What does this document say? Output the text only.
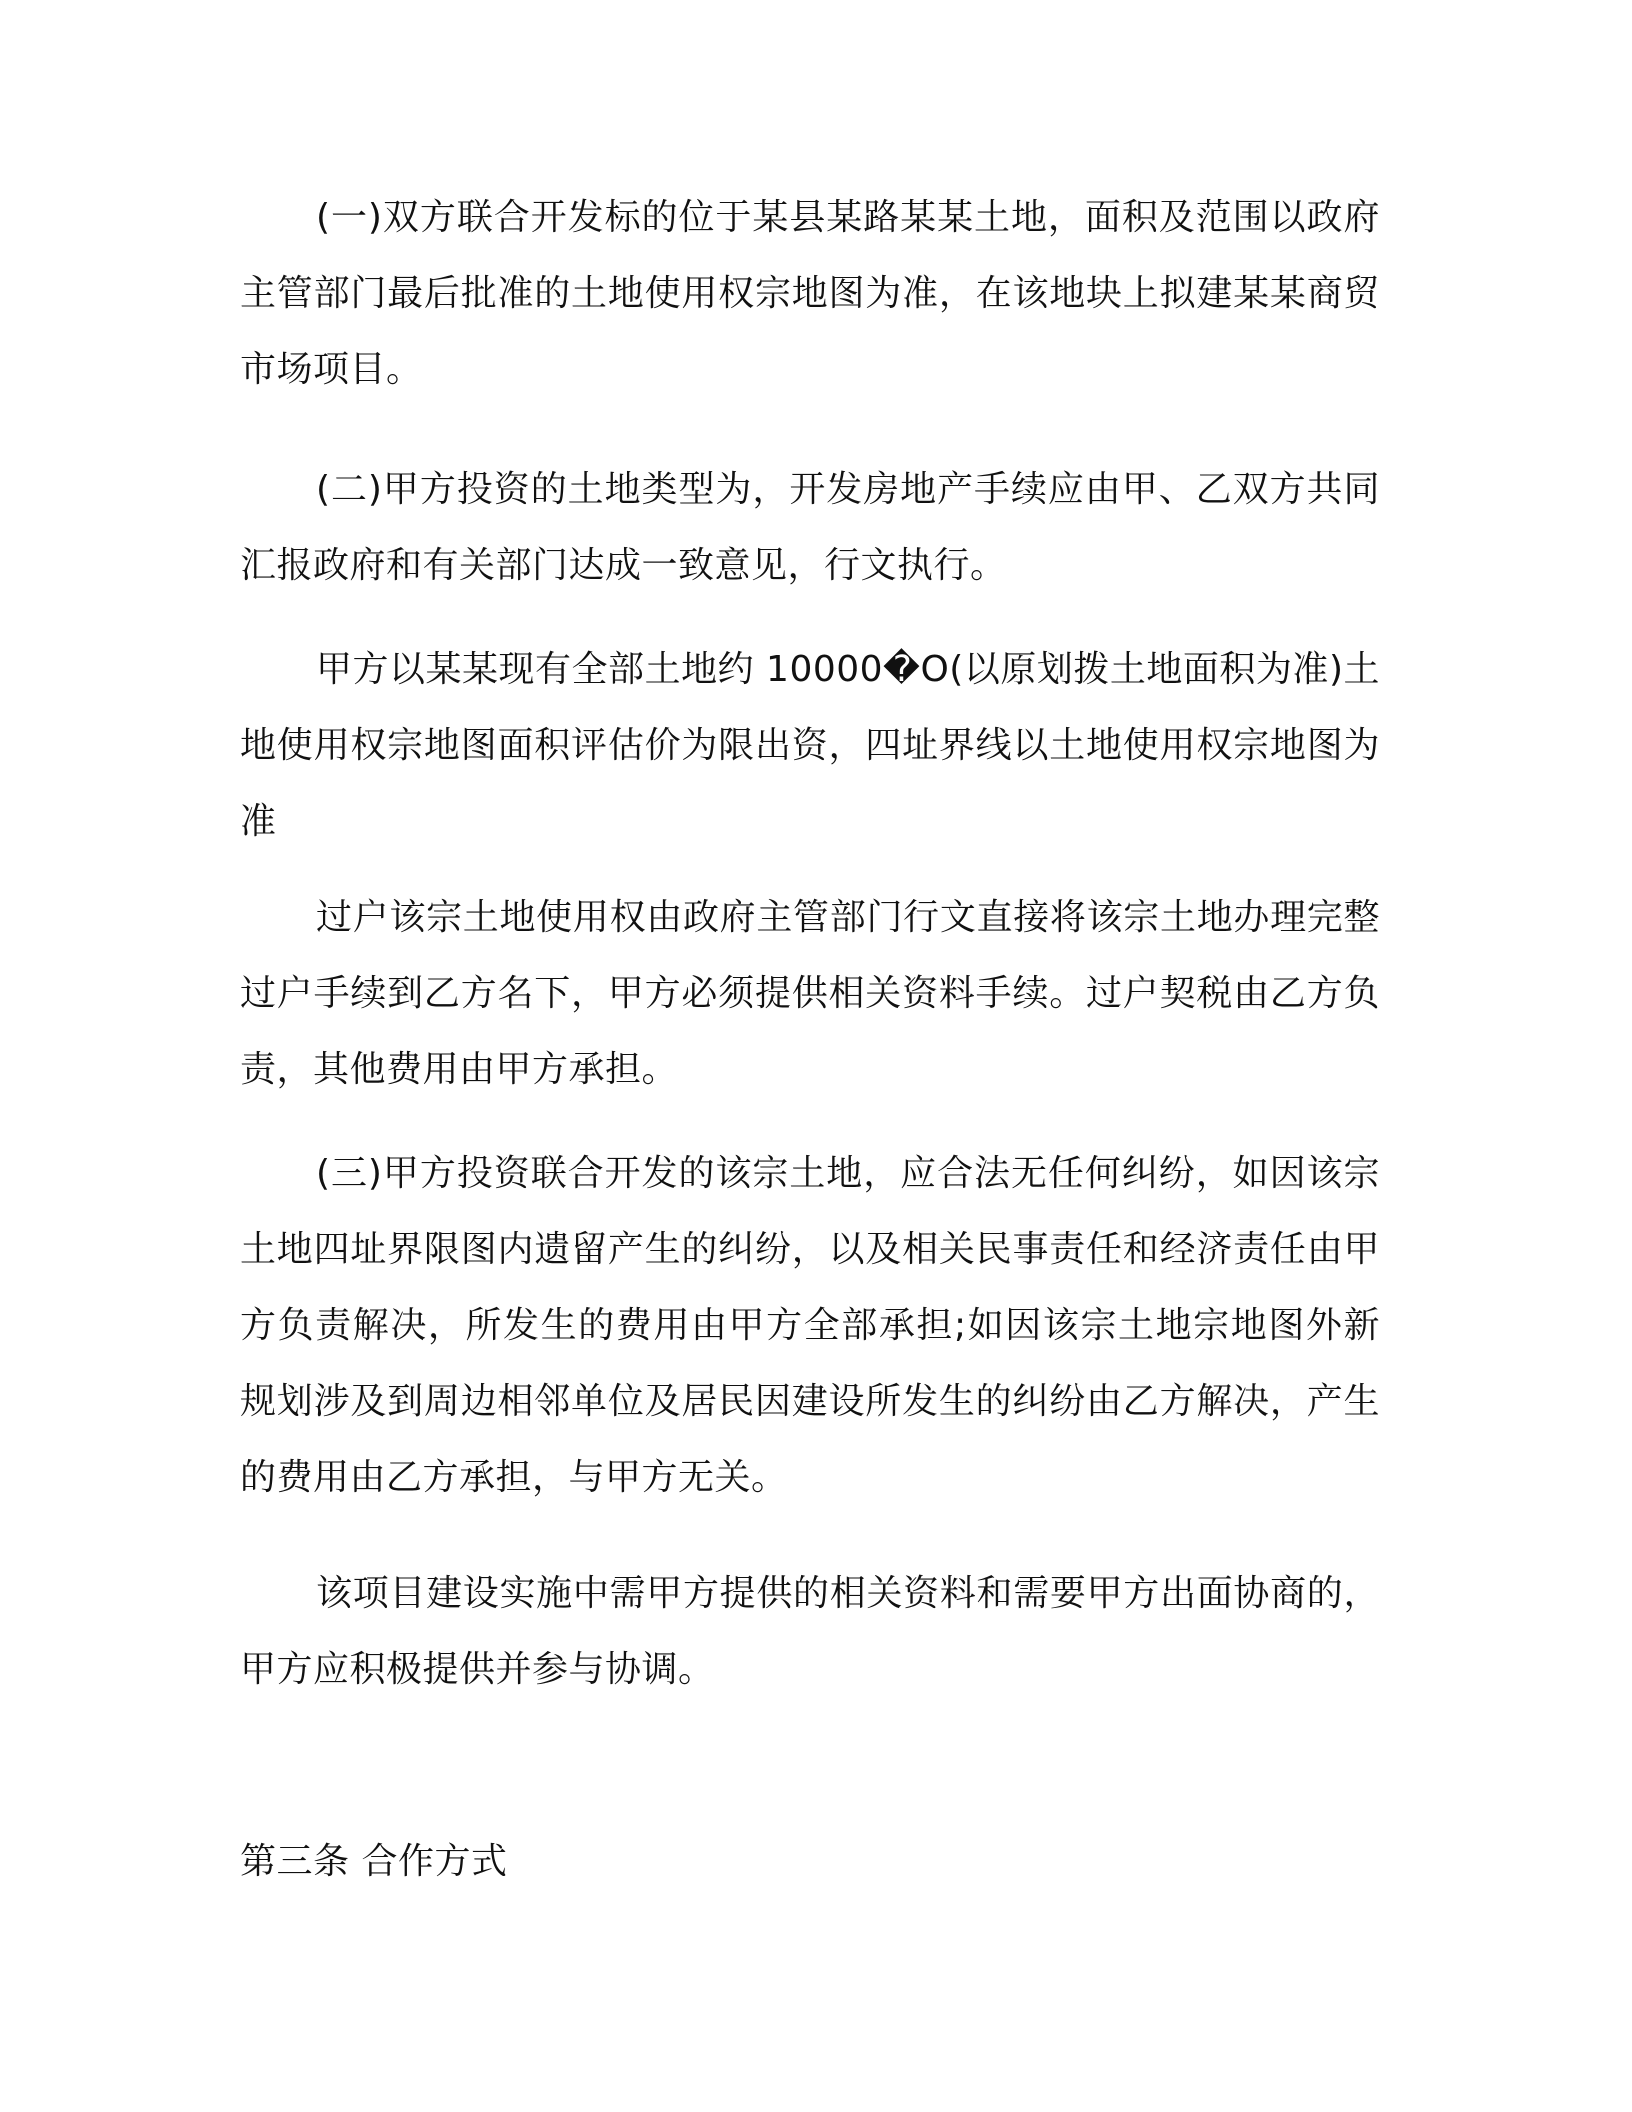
(一)双方联合开发标的位于某县某路某某土地，面积及范围以政府主管部门最后批准的土地使用权宗地图为准，在该地块上拟建某某商贸市场项目。

(二)甲方投资的土地类型为，开发房地产手续应由甲、乙双方共同汇报政府和有关部门达成一致意见，行文执行。

甲方以某某现有全部土地约 10000�O(以原划拨土地面积为准)土地使用权宗地图面积评估价为限出资，四址界线以土地使用权宗地图为准

过户该宗土地使用权由政府主管部门行文直接将该宗土地办理完整过户手续到乙方名下，甲方必须提供相关资料手续。过户契税由乙方负责，其他费用由甲方承担。

(三)甲方投资联合开发的该宗土地，应合法无任何纠纷，如因该宗土地四址界限图内遗留产生的纠纷，以及相关民事责任和经济责任由甲方负责解决，所发生的费用由甲方全部承担;如因该宗土地宗地图外新规划涉及到周边相邻单位及居民因建设所发生的纠纷由乙方解决，产生的费用由乙方承担，与甲方无关。

该项目建设实施中需甲方提供的相关资料和需要甲方出面协商的，甲方应积极提供并参与协调。

第三条 合作方式
